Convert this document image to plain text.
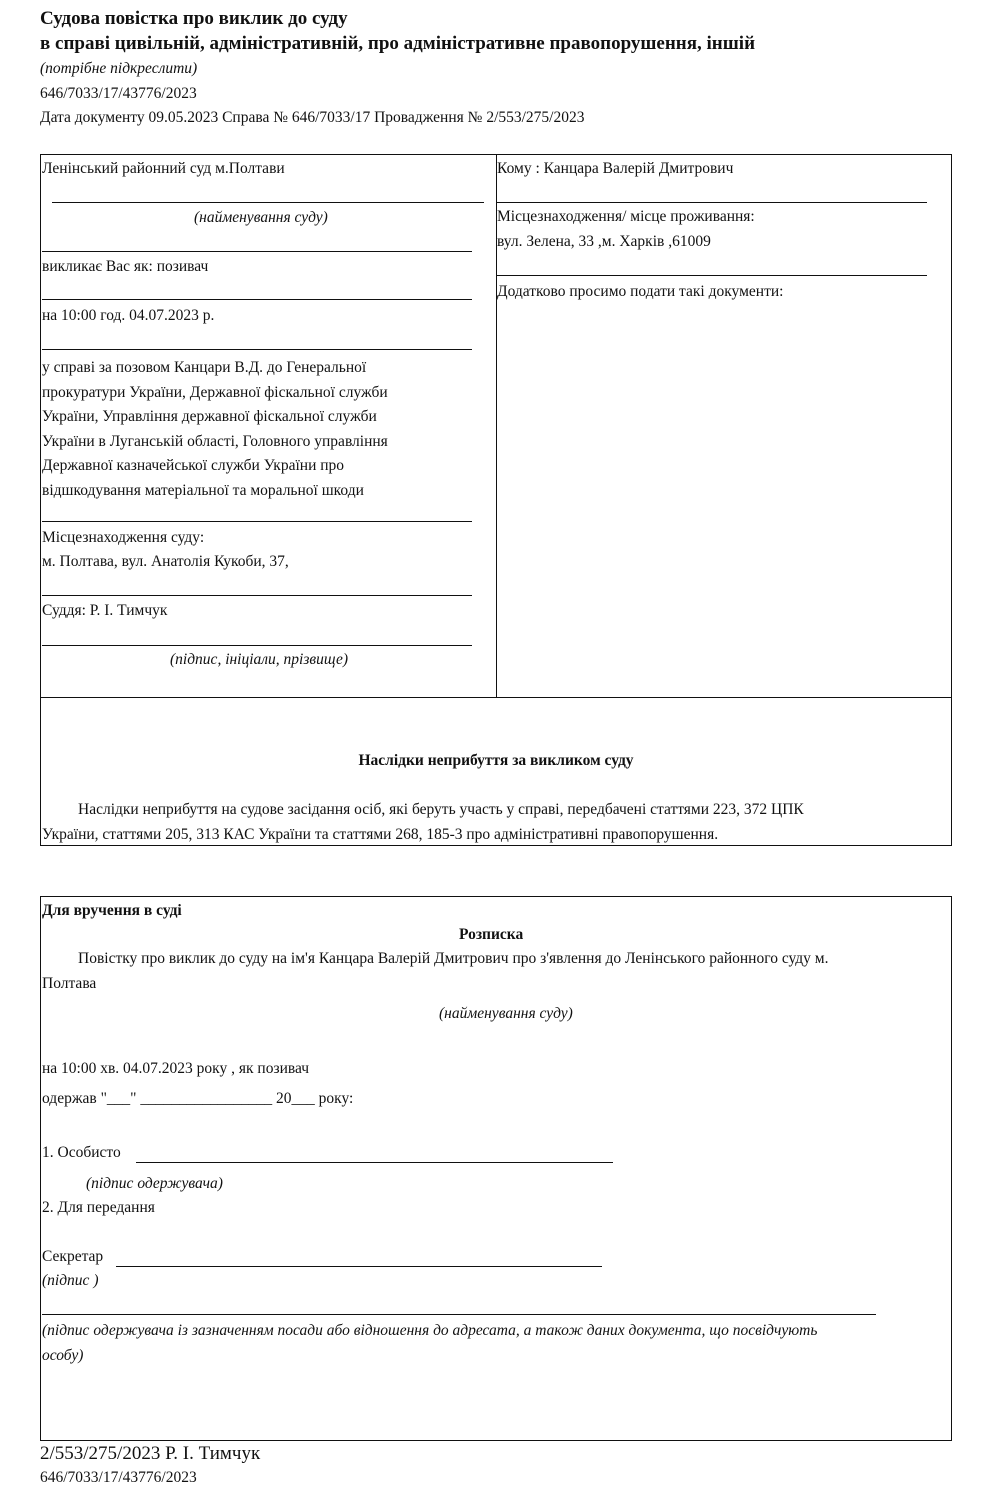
Судова повістка про виклик до суду
в справі цивільній, адміністративній, про адміністративне правопорушення, іншій
(потрібне підкреслити)
646/7033/17/43776/2023
Дата документу 09.05.2023 Справа № 646/7033/17 Провадження № 2/553/275/2023
Ленінський районний суд м.Полтави
(найменування суду)
викликає Вас як: позивач
на 10:00 год. 04.07.2023 р.
у справі за позовом Канцари В.Д. до Генеральної
прокуратури України, Державної фіскальної служби
України, Управління державної фіскальної служби
України в Луганській області, Головного управління
Державної казначейської служби України про
відшкодування матеріальної та моральної шкоди
Місцезнаходження суду:
м. Полтава, вул. Анатолія Кукоби, 37,
Суддя: Р. І. Тимчук
(підпис, ініціали, прізвище)
Кому : Канцара Валерій Дмитрович
Місцезнаходження/ місце проживання:
вул. Зелена, 33 ,м. Харків ,61009
Додатково просимо подати такі документи:
Наслідки неприбуття за викликом суду
Наслідки неприбуття на судове засідання осіб, які беруть участь у справі, передбачені статтями 223, 372 ЦПК
України, статтями 205, 313 КАС України та статтями 268, 185-3 про адміністративні правопорушення.
Для вручення в суді
Розписка
Повістку про виклик до суду на ім'я Канцара Валерій Дмитрович про з'явлення до Ленінського районного суду м.
Полтава
(найменування суду)
на 10:00 хв. 04.07.2023 року , як позивач
одержав "___" _________________ 20___ року:
1. Особисто
(підпис одержувача)
2. Для передання
Секретар
(підпис )
(підпис одержувача із зазначенням посади або відношення до адресата, а також даних документа, що посвідчують
особу)
2/553/275/2023 Р. І. Тимчук
646/7033/17/43776/2023
